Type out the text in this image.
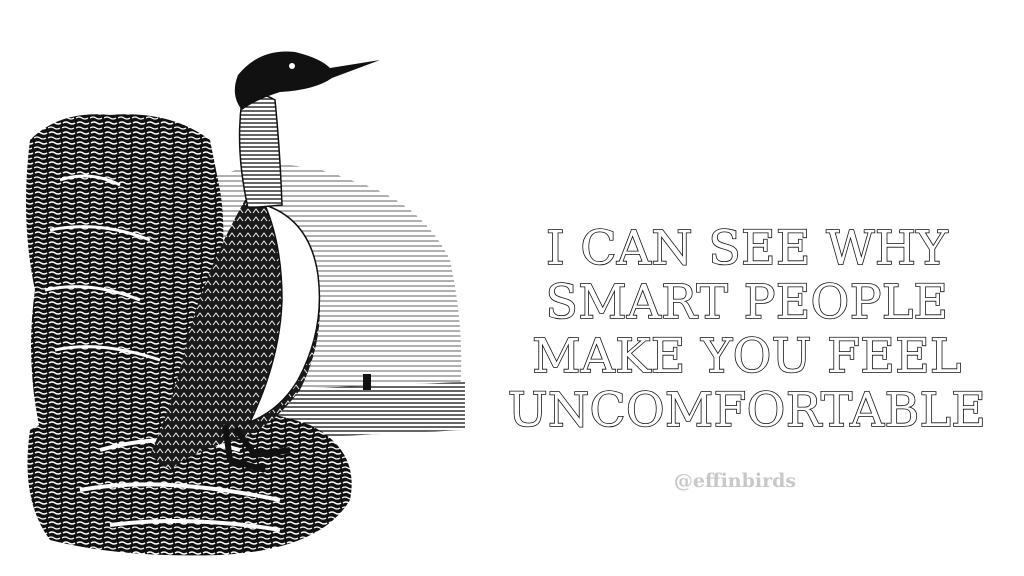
I CAN SEE WHY
SMART PEOPLE
MAKE YOU FEEL
UNCOMFORTABLE
@effinbirds
